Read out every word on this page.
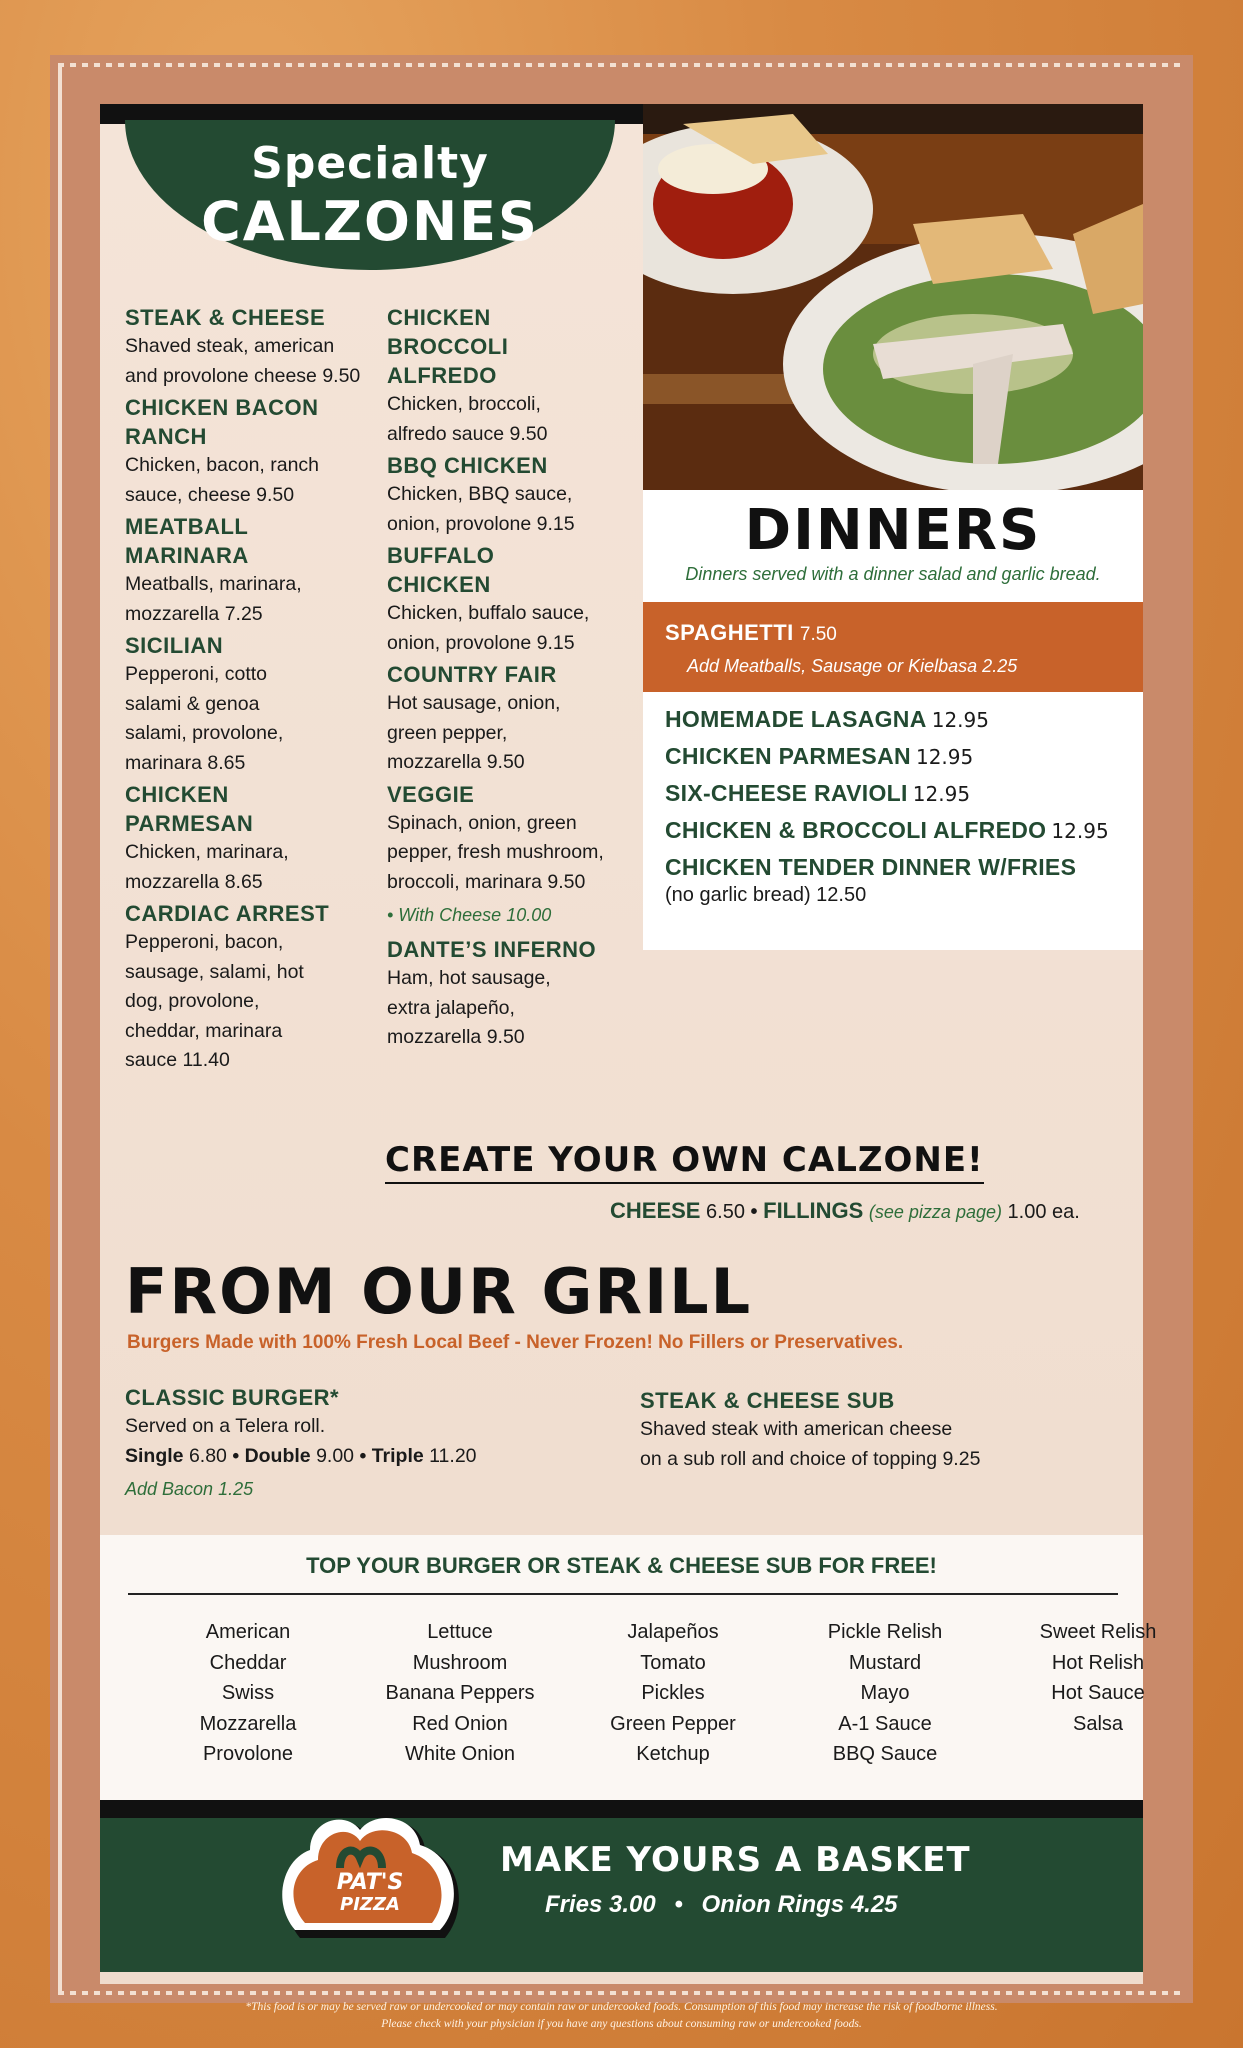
Specialty
CALZONES
STEAK & CHEESE
Shaved steak, american and provolone cheese 9.50
CHICKEN BACON RANCH
Chicken, bacon, ranch sauce, cheese 9.50
MEATBALL MARINARA
Meatballs, marinara, mozzarella 7.25
SICILIAN
Pepperoni, cotto salami & genoa salami, provolone, marinara 8.65
CHICKEN PARMESAN
Chicken, marinara, mozzarella 8.65
CARDIAC ARREST
Pepperoni, bacon, sausage, salami, hot dog, provolone, cheddar, marinara sauce 11.40
CHICKEN BROCCOLI ALFREDO
Chicken, broccoli, alfredo sauce 9.50
BBQ CHICKEN
Chicken, BBQ sauce, onion, provolone 9.15
BUFFALO CHICKEN
Chicken, buffalo sauce, onion, provolone 9.15
COUNTRY FAIR
Hot sausage, onion, green pepper, mozzarella 9.50
VEGGIE
Spinach, onion, green pepper, fresh mushroom, broccoli, marinara 9.50
• With Cheese 10.00
DANTE’S INFERNO
Ham, hot sausage, extra jalapeño, mozzarella 9.50
DINNERS
Dinners served with a dinner salad and garlic bread.
SPAGHETTI 7.50
Add Meatballs, Sausage or Kielbasa 2.25
HOMEMADE LASAGNA 12.95
CHICKEN PARMESAN 12.95
SIX-CHEESE RAVIOLI 12.95
CHICKEN & BROCCOLI ALFREDO 12.95
CHICKEN TENDER DINNER W/FRIES
(no garlic bread) 12.50
CREATE YOUR OWN CALZONE!
CHEESE 6.50 • FILLINGS (see pizza page) 1.00 ea.
FROM OUR GRILL
Burgers Made with 100% Fresh Local Beef - Never Frozen! No Fillers or Preservatives.
CLASSIC BURGER*
Served on a Telera roll.
Single 6.80 • Double 9.00 • Triple 11.20
Add Bacon 1.25
STEAK & CHEESE SUB
Shaved steak with american cheese
on a sub roll and choice of topping 9.25
TOP YOUR BURGER OR STEAK & CHEESE SUB FOR FREE!
American
Cheddar
Swiss
Mozzarella
Provolone
Lettuce
Mushroom
Banana Peppers
Red Onion
White Onion
Jalapeños
Tomato
Pickles
Green Pepper
Ketchup
Pickle Relish
Mustard
Mayo
A-1 Sauce
BBQ Sauce
Sweet Relish
Hot Relish
Hot Sauce
Salsa
PAT'S
PIZZA
MAKE YOURS A BASKET
Fries 3.00 • Onion Rings 4.25
*This food is or may be served raw or undercooked or may contain raw or undercooked foods. Consumption of this food may increase the risk of foodborne illness.
Please check with your physician if you have any questions about consuming raw or undercooked foods.
